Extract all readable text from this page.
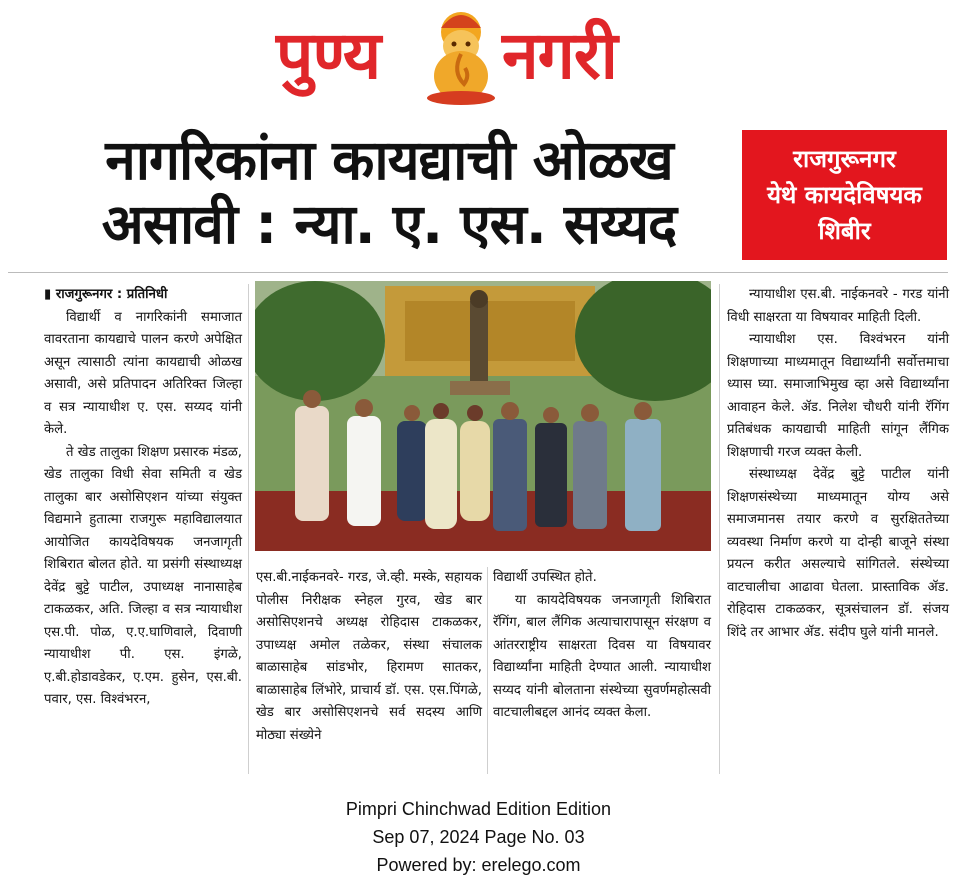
पुण्य नगरी
नागरिकांना कायद्याची ओळख
असावी : न्या. ए. एस. सय्यद
राजगुरूनगर
येथे कायदेविषयक
शिबीर

▮ राजगुरूनगर : प्रतिनिधी

विद्यार्थी व नागरिकांनी समाजात वावरताना कायद्याचे पालन करणे अपेक्षित असून त्यासाठी त्यांना कायद्याची ओळख असावी, असे प्रतिपादन अतिरिक्त जिल्हा व सत्र न्यायाधीश ए. एस. सय्यद यांनी केले.

ते खेड तालुका शिक्षण प्रसारक मंडळ, खेड तालुका विधी सेवा समिती व खेड तालुका बार असोसिएशन यांच्या संयुक्त विद्यमाने हुतात्मा राजगुरू महाविद्यालयात आयोजित कायदेविषयक जनजागृती शिबिरात बोलत होते. या प्रसंगी संस्थाध्यक्ष देवेंद्र बुट्टे पाटील, उपाध्यक्ष नानासाहेब टाकळकर, अति. जिल्हा व सत्र न्यायाधीश एस.पी. पोळ, ए.ए.घाणिवाले, दिवाणी न्यायाधीश पी. एस. इंगळे, ए.बी.होडावडेकर, ए.एम. हुसेन, एस.बी. पवार, एस. विश्वंभरन,

एस.बी.नाईकनवरे- गरड, जे.व्ही. मस्के, सहायक पोलीस निरीक्षक स्नेहल गुरव, खेड बार असोसिएशनचे अध्यक्ष रोहिदास टाकळकर, उपाध्यक्ष अमोल तळेकर, संस्था संचालक बाळासाहेब सांडभोर, हिरामण सातकर, बाळासाहेब लिंभोरे, प्राचार्य डॉ. एस. एस.पिंगळे, खेड बार असोसिएशनचे सर्व सदस्य आणि मोठ्या संख्येने

विद्यार्थी उपस्थित होते.

या कायदेविषयक जनजागृती शिबिरात रॅगिंग, बाल लैंगिक अत्याचारापासून संरक्षण व आंतरराष्ट्रीय साक्षरता दिवस या विषयावर विद्यार्थ्यांना माहिती देण्यात आली. न्यायाधीश सय्यद यांनी बोलताना संस्थेच्या सुवर्णमहोत्सवी वाटचालीबद्दल आनंद व्यक्त केला.

न्यायाधीश एस.बी. नाईकनवरे - गरड यांनी विधी साक्षरता या विषयावर माहिती दिली.

न्यायाधीश एस. विश्वंभरन यांनी शिक्षणाच्या माध्यमातून विद्यार्थ्यांनी सर्वोत्तमाचा ध्यास घ्या. समाजाभिमुख व्हा असे विद्यार्थ्यांना आवाहन केले. ॲड. निलेश चौधरी यांनी रॅगिंग प्रतिबंधक कायद्याची माहिती सांगून लैंगिक शिक्षणाची गरज व्यक्त केली.

संस्थाध्यक्ष देवेंद्र बुट्टे पाटील यांनी शिक्षणसंस्थेच्या माध्यमातून योग्य असे समाजमानस तयार करणे व सुरक्षिततेच्या व्यवस्था निर्माण करणे या दोन्ही बाजूने संस्था प्रयत्न करीत असल्याचे सांगितले. संस्थेच्या वाटचालीचा आढावा घेतला. प्रास्ताविक ॲड. रोहिदास टाकळकर, सूत्रसंचालन डॉ. संजय शिंदे तर आभार ॲड. संदीप घुले यांनी मानले.

Pimpri Chinchwad Edition Edition
Sep 07, 2024 Page No. 03
Powered by: erelego.com
